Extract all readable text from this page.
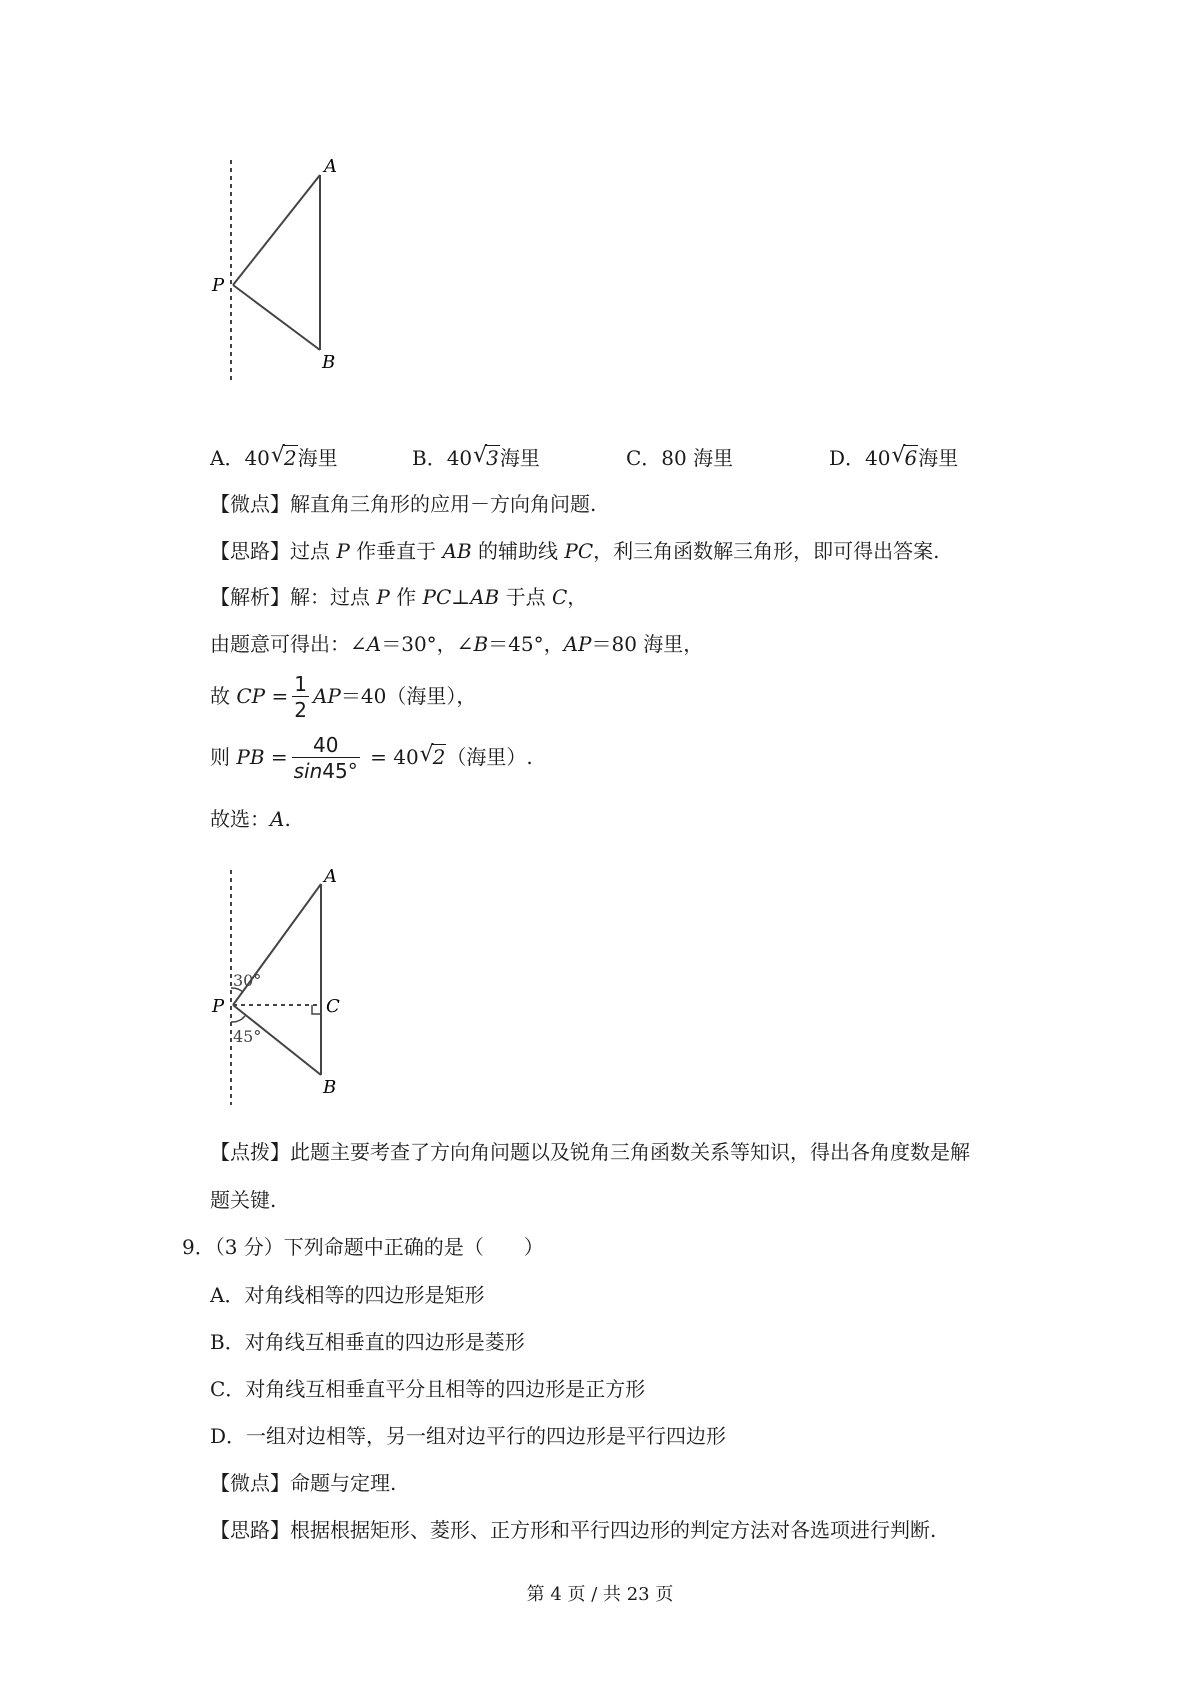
A
B
P
A．40 √
2海里	B．40 √
3海里	C．80 海里	D．40 √
6海里
【微点】解直角三角形的应用－方向角问题.
【思路】过点 P 作垂直于 AB 的辅助线 PC，利三角函数解三角形，即可得出答案.
【解析】解：过点 P 作 PC⊥AB 于点 C，
由题意可得出：∠A＝30°，∠B＝45°，AP＝80 海里，
故 CP = $\frac{1}{2} AP=40$（海里），
则 PB = $\frac{40}{\sin 45^\circ} = 40$ √
2（海里）.
故选：A.
A
B
P	C
30°
45°
【点拨】此题主要考查了方向角问题以及锐角三角函数关系等知识，得出各角度数是解
题关键.
9．（3 分）下列命题中正确的是（　　）
A．对角线相等的四边形是矩形
B．对角线互相垂直的四边形是菱形
C．对角线互相垂直平分且相等的四边形是正方形
D．一组对边相等，另一组对边平行的四边形是平行四边形
【微点】命题与定理.
【思路】根据根据矩形、菱形、正方形和平行四边形的判定方法对各选项进行判断.
第 4 页 / 共 23 页
